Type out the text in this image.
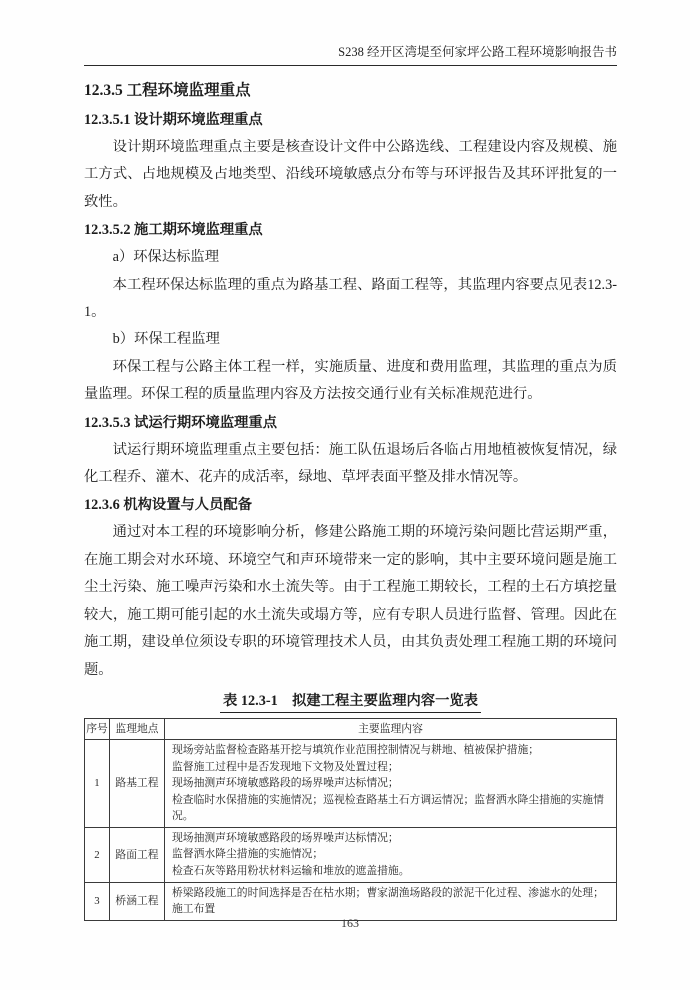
S238 经开区湾堤至何家坪公路工程环境影响报告书
12.3.5 工程环境监理重点
12.3.5.1 设计期环境监理重点

设计期环境监理重点主要是核查设计文件中公路选线、工程建设内容及规模、施工方式、占地规模及占地类型、沿线环境敏感点分布等与环评报告及其环评批复的一致性。

12.3.5.2 施工期环境监理重点

a）环保达标监理

本工程环保达标监理的重点为路基工程、路面工程等，其监理内容要点见表12.3-1。

b）环保工程监理

环保工程与公路主体工程一样，实施质量、进度和费用监理，其监理的重点为质量监理。环保工程的质量监理内容及方法按交通行业有关标准规范进行。

12.3.5.3 试运行期环境监理重点

试运行期环境监理重点主要包括：施工队伍退场后各临占用地植被恢复情况，绿化工程乔、灌木、花卉的成活率，绿地、草坪表面平整及排水情况等。

12.3.6 机构设置与人员配备

通过对本工程的环境影响分析，修建公路施工期的环境污染问题比营运期严重，在施工期会对水环境、环境空气和声环境带来一定的影响，其中主要环境问题是施工尘土污染、施工噪声污染和水土流失等。由于工程施工期较长，工程的土石方填挖量较大，施工期可能引起的水土流失或塌方等，应有专职人员进行监督、管理。因此在施工期，建设单位须设专职的环境管理技术人员，由其负责处理工程施工期的环境问题。

表 12.3-1　拟建工程主要监理内容一览表
序号	监理地点	主要监理内容
1	路基工程	现场旁站监督检查路基开挖与填筑作业范围控制情况与耕地、植被保护措施；
监督施工过程中是否发现地下文物及处置过程；
现场抽测声环境敏感路段的场界噪声达标情况；
检查临时水保措施的实施情况；巡视检查路基土石方调运情况；监督洒水降尘措施的实施情况。

2	路面工程	现场抽测声环境敏感路段的场界噪声达标情况；
监督洒水降尘措施的实施情况；
检查石灰等路用粉状材料运输和堆放的遮盖措施。

3	桥涵工程	桥梁路段施工的时间选择是否在枯水期；曹家湖渔场路段的淤泥干化过程、渗滤水的处理；施工布置
163
